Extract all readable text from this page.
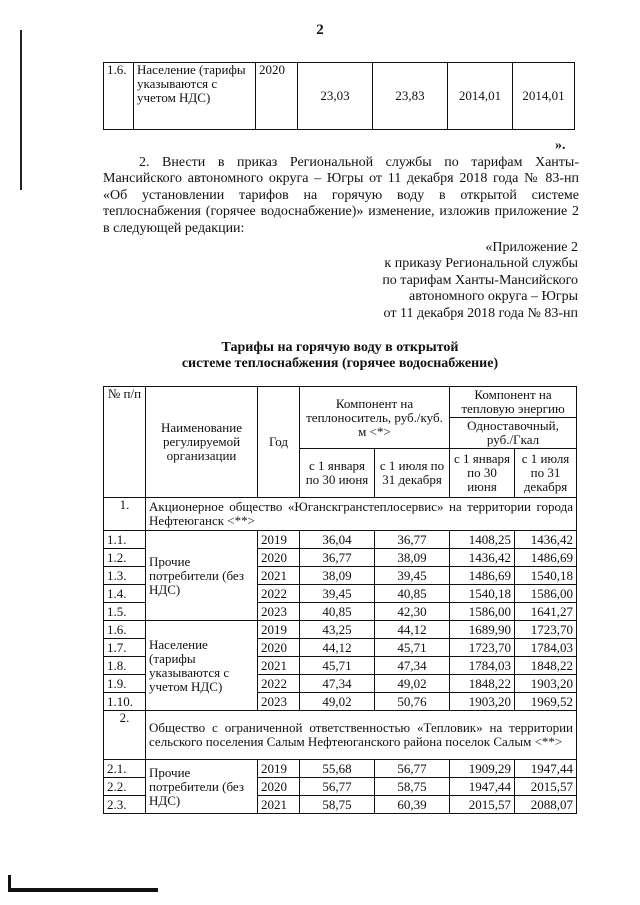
2
1.6.	Население (тарифы указываются с учетом НДС)	2020	23,03	23,83	2014,01	2014,01
».

2. Внести в приказ Региональной службы по тарифам Ханты-Мансийского автономного округа – Югры от 11 декабря 2018 года № 83-нп «Об установлении тарифов на горячую воду в открытой системе теплоснабжения (горячее водоснабжение)» изменение, изложив приложение 2 в следующей редакции:

«Приложение 2
к приказу Региональной службы
по тарифам Ханты-Мансийского
автономного округа – Югры
от 11 декабря 2018 года № 83-нп
Тарифы на горячую воду в открытой
системе теплоснабжения (горячее водоснабжение)
№ п/п	Наименование регулируемой организации	Год	Компонент на теплоноситель, руб./куб. м <*>		Компонент на тепловую энергию	
					Одноставочный, руб./Гкал	
			с 1 января по 30 июня	с 1 июля по 31 декабря	с 1 января по 30 июня	с 1 июля по 31 декабря
1.	Акционерное общество «Юганскгранстеплосервис» на территории города Нефтеюганск <**>					
1.1.	Прочие потребители (без НДС)	2019	36,04	36,77	1408,25	1436,42
1.2.		2020	36,77	38,09	1436,42	1486,69
1.3.		2021	38,09	39,45	1486,69	1540,18
1.4.		2022	39,45	40,85	1540,18	1586,00
1.5.		2023	40,85	42,30	1586,00	1641,27
1.6.	Население (тарифы указываются с учетом НДС)	2019	43,25	44,12	1689,90	1723,70
1.7.		2020	44,12	45,71	1723,70	1784,03
1.8.		2021	45,71	47,34	1784,03	1848,22
1.9.		2022	47,34	49,02	1848,22	1903,20
1.10.		2023	49,02	50,76	1903,20	1969,52
2.	Общество с ограниченной ответственностью «Тепловик» на территории сельского поселения Салым Нефтеюганского района поселок Салым <**>					
2.1.	Прочие потребители (без НДС)	2019	55,68	56,77	1909,29	1947,44
2.2.		2020	56,77	58,75	1947,44	2015,57
2.3.		2021	58,75	60,39	2015,57	2088,07
